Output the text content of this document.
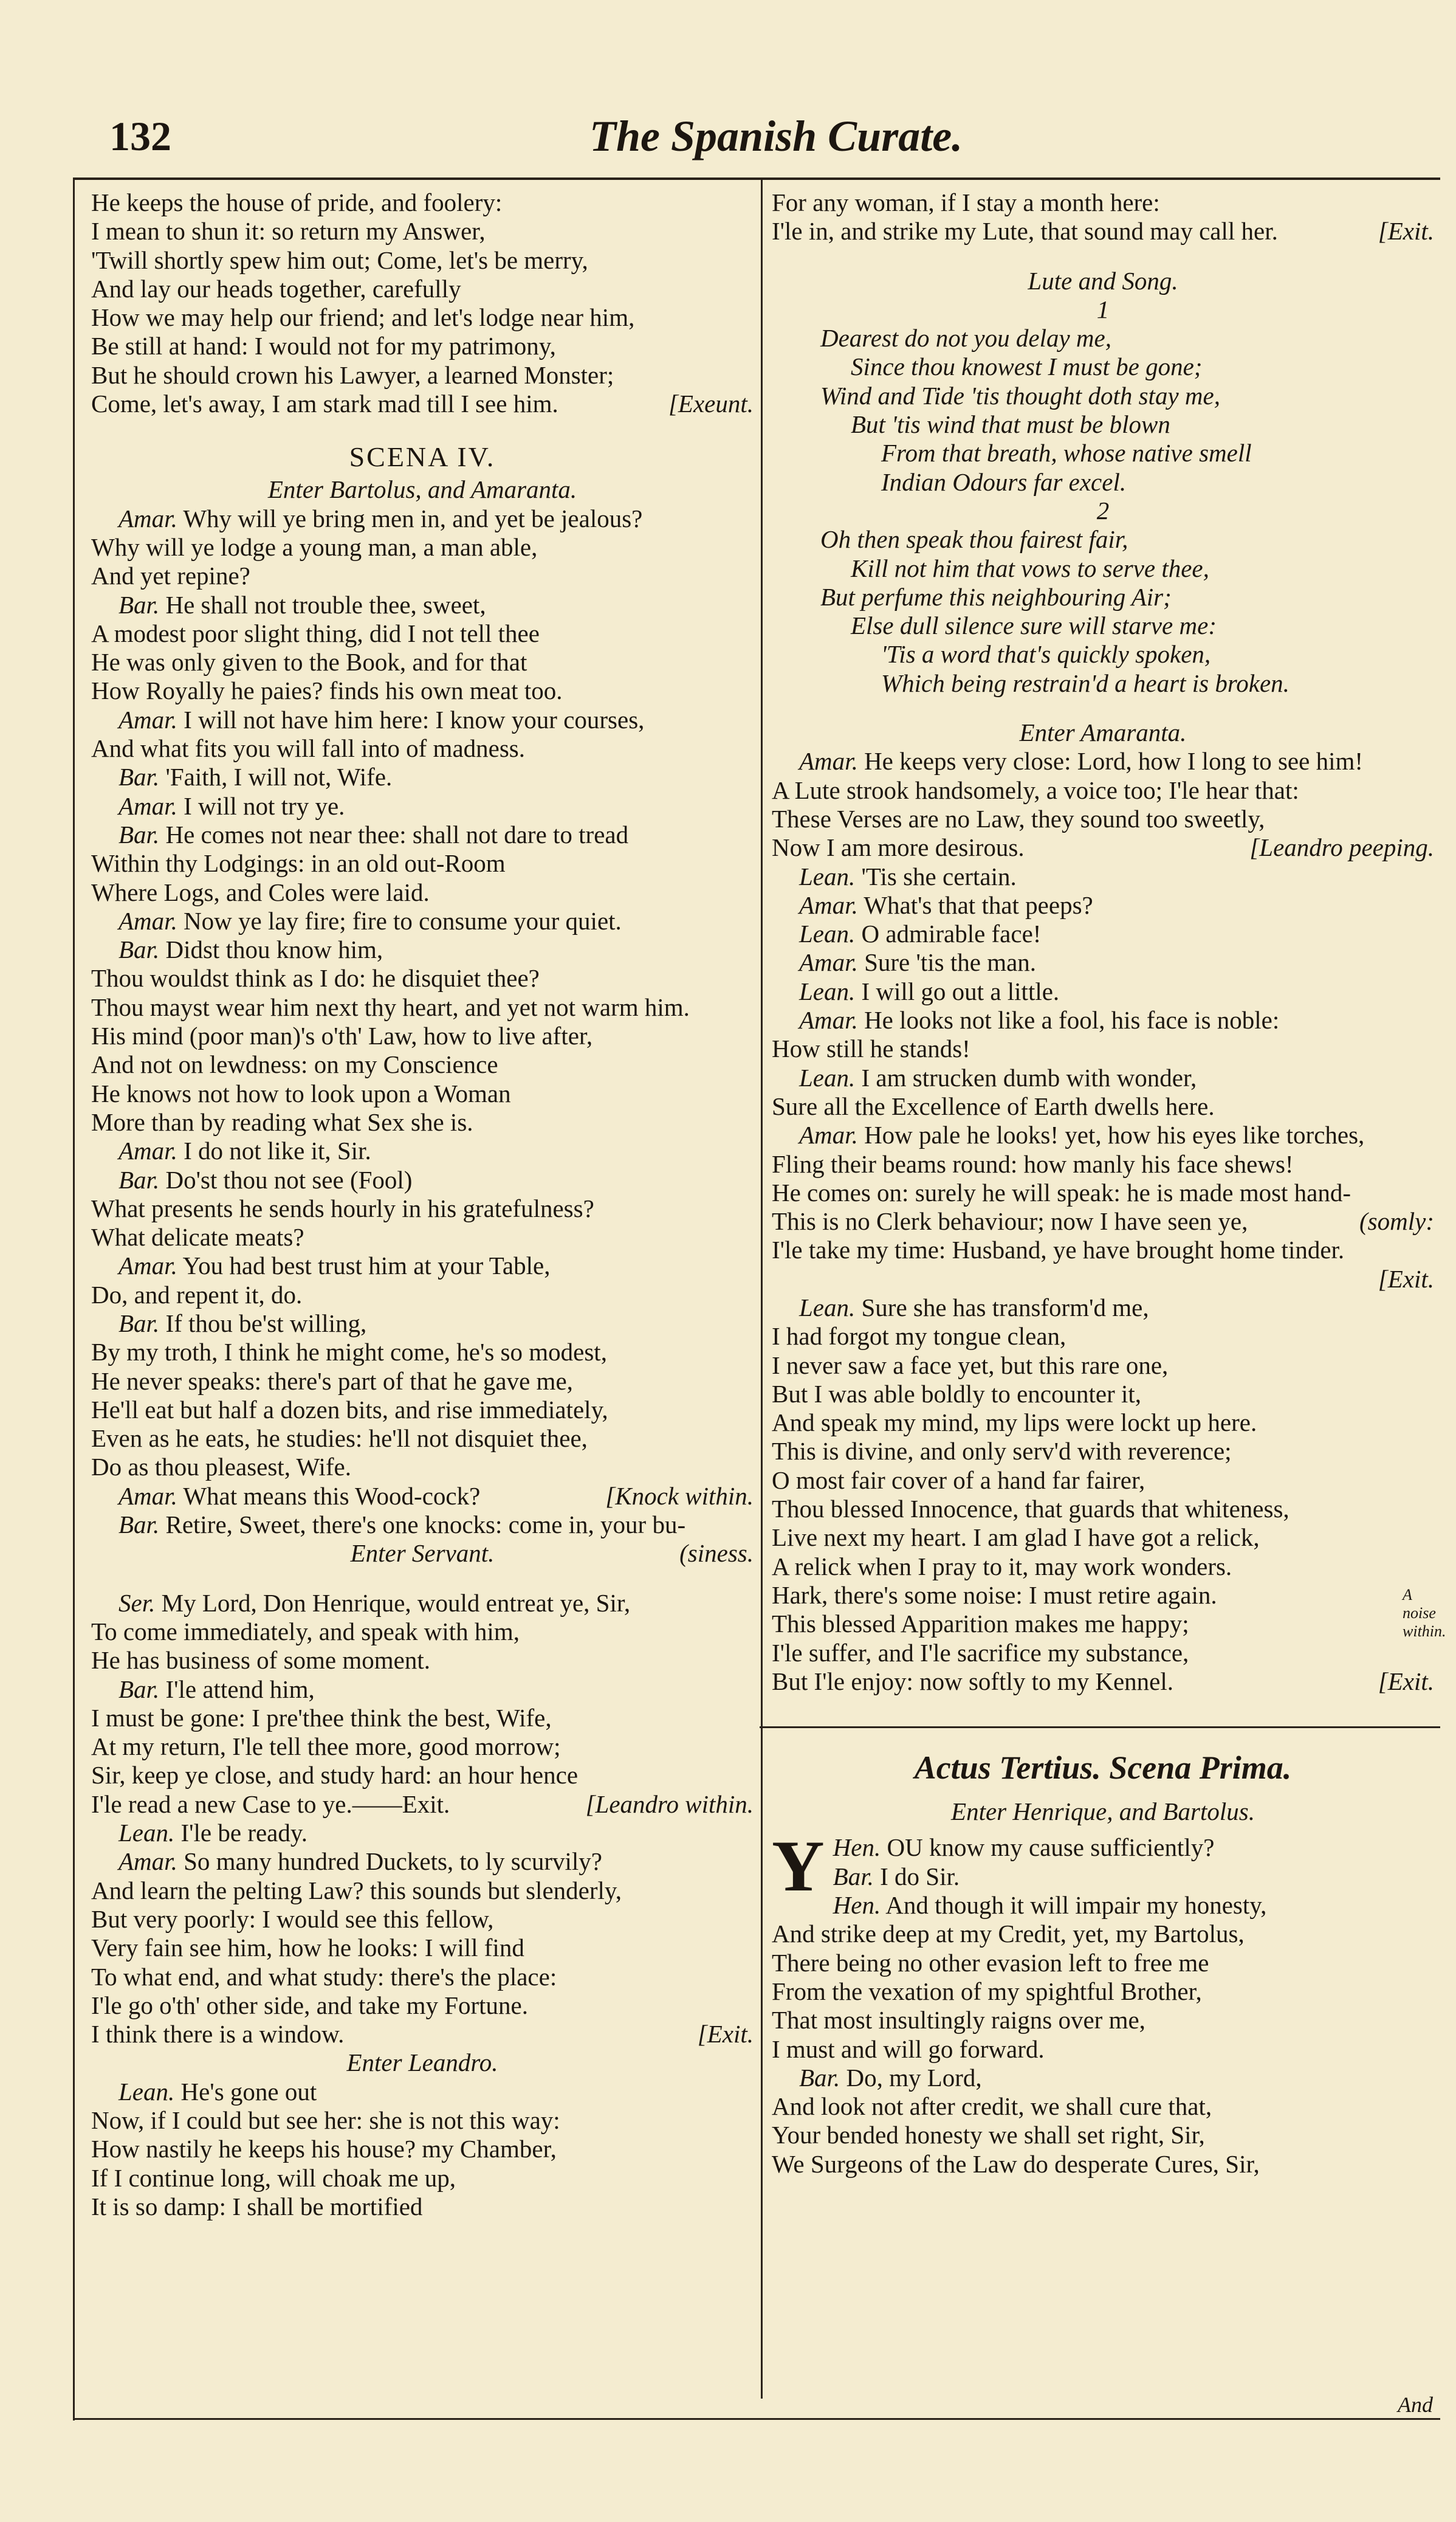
132	The Spanish Curate.
He keeps the house of pride, and foolery:
I mean to shun it: so return my Answer,
'Twill shortly spew him out; Come, let's be merry,
And lay our heads together, carefully
How we may help our friend; and let's lodge near him,
Be still at hand: I would not for my patrimony,
But he should crown his Lawyer, a learned Monster;
Come, let's away, I am stark mad till I see him.	[Exeunt.
SCENA IV.
Enter Bartolus, and Amaranta.
Amar. Why will ye bring men in, and yet be jealous?
Why will ye lodge a young man, a man able,
And yet repine?
Bar. He shall not trouble thee, sweet,
A modest poor slight thing, did I not tell thee
He was only given to the Book, and for that
How Royally he paies? finds his own meat too.
Amar. I will not have him here: I know your courses,
And what fits you will fall into of madness.
Bar. 'Faith, I will not, Wife.
Amar. I will not try ye.
Bar. He comes not near thee: shall not dare to tread
Within thy Lodgings: in an old out-Room
Where Logs, and Coles were laid.
Amar. Now ye lay fire; fire to consume your quiet.
Bar. Didst thou know him,
Thou wouldst think as I do: he disquiet thee?
Thou mayst wear him next thy heart, and yet not warm him.
His mind (poor man)'s o'th' Law, how to live after,
And not on lewdness: on my Conscience
He knows not how to look upon a Woman
More than by reading what Sex she is.
Amar. I do not like it, Sir.
Bar. Do'st thou not see (Fool)
What presents he sends hourly in his gratefulness?
What delicate meats?
Amar. You had best trust him at your Table,
Do, and repent it, do.
Bar. If thou be'st willing,
By my troth, I think he might come, he's so modest,
He never speaks: there's part of that he gave me,
He'll eat but half a dozen bits, and rise immediately,
Even as he eats, he studies: he'll not disquiet thee,
Do as thou pleasest, Wife.
Amar. What means this Wood-cock?	[Knock within.
Bar. Retire, Sweet, there's one knocks: come in, your bu-
Enter Servant.	(siness.
Ser. My Lord, Don Henrique, would entreat ye, Sir,
To come immediately, and speak with him,
He has business of some moment.
Bar. I'le attend him,
I must be gone: I pre'thee think the best, Wife,
At my return, I'le tell thee more, good morrow;
Sir, keep ye close, and study hard: an hour hence
I'le read a new Case to ye.——Exit.	[Leandro within.
Lean. I'le be ready.
Amar. So many hundred Duckets, to ly scurvily?
And learn the pelting Law? this sounds but slenderly,
But very poorly: I would see this fellow,
Very fain see him, how he looks: I will find
To what end, and what study: there's the place:
I'le go o'th' other side, and take my Fortune.
I think there is a window.	[Exit.
Enter Leandro.
Lean. He's gone out
Now, if I could but see her: she is not this way:
How nastily he keeps his house? my Chamber,
If I continue long, will choak me up,
It is so damp: I shall be mortified
For any woman, if I stay a month here:
I'le in, and strike my Lute, that sound may call her.	[Exit.
Lute and Song.
1
Dearest do not you delay me,
Since thou knowest I must be gone;
Wind and Tide 'tis thought doth stay me,
But 'tis wind that must be blown
From that breath, whose native smell
Indian Odours far excel.
2
Oh then speak thou fairest fair,
Kill not him that vows to serve thee,
But perfume this neighbouring Air;
Else dull silence sure will starve me:
'Tis a word that's quickly spoken,
Which being restrain'd a heart is broken.
Enter Amaranta.
Amar. He keeps very close: Lord, how I long to see him!
A Lute strook handsomely, a voice too; I'le hear that:
These Verses are no Law, they sound too sweetly,
Now I am more desirous.	[Leandro peeping.
Lean. 'Tis she certain.
Amar. What's that that peeps?
Lean. O admirable face!
Amar. Sure 'tis the man.
Lean. I will go out a little.
Amar. He looks not like a fool, his face is noble:
How still he stands!
Lean. I am strucken dumb with wonder,
Sure all the Excellence of Earth dwells here.
Amar. How pale he looks! yet, how his eyes like torches,
Fling their beams round: how manly his face shews!
He comes on: surely he will speak: he is made most hand-
This is no Clerk behaviour; now I have seen ye,	(somly:
I'le take my time: Husband, ye have brought home tinder.
[Exit.
Lean. Sure she has transform'd me,
I had forgot my tongue clean,
I never saw a face yet, but this rare one,
But I was able boldly to encounter it,
And speak my mind, my lips were lockt up here.
This is divine, and only serv'd with reverence;
O most fair cover of a hand far fairer,
Thou blessed Innocence, that guards that whiteness,
Live next my heart. I am glad I have got a relick,
A relick when I pray to it, may work wonders.
Hark, there's some noise: I must retire again.
This blessed Apparition makes me happy;
I'le suffer, and I'le sacrifice my substance,
But I'le enjoy: now softly to my Kennel.	[Exit.
A noise within.
Actus Tertius. Scena Prima.
Enter Henrique, and Bartolus.
Y Hen. OU know my cause sufficiently?
Bar. I do Sir.
Hen. And though it will impair my honesty,
And strike deep at my Credit, yet, my Bartolus,
There being no other evasion left to free me
From the vexation of my spightful Brother,
That most insultingly raigns over me,
I must and will go forward.
Bar. Do, my Lord,
And look not after credit, we shall cure that,
Your bended honesty we shall set right, Sir,
We Surgeons of the Law do desperate Cures, Sir,
And
